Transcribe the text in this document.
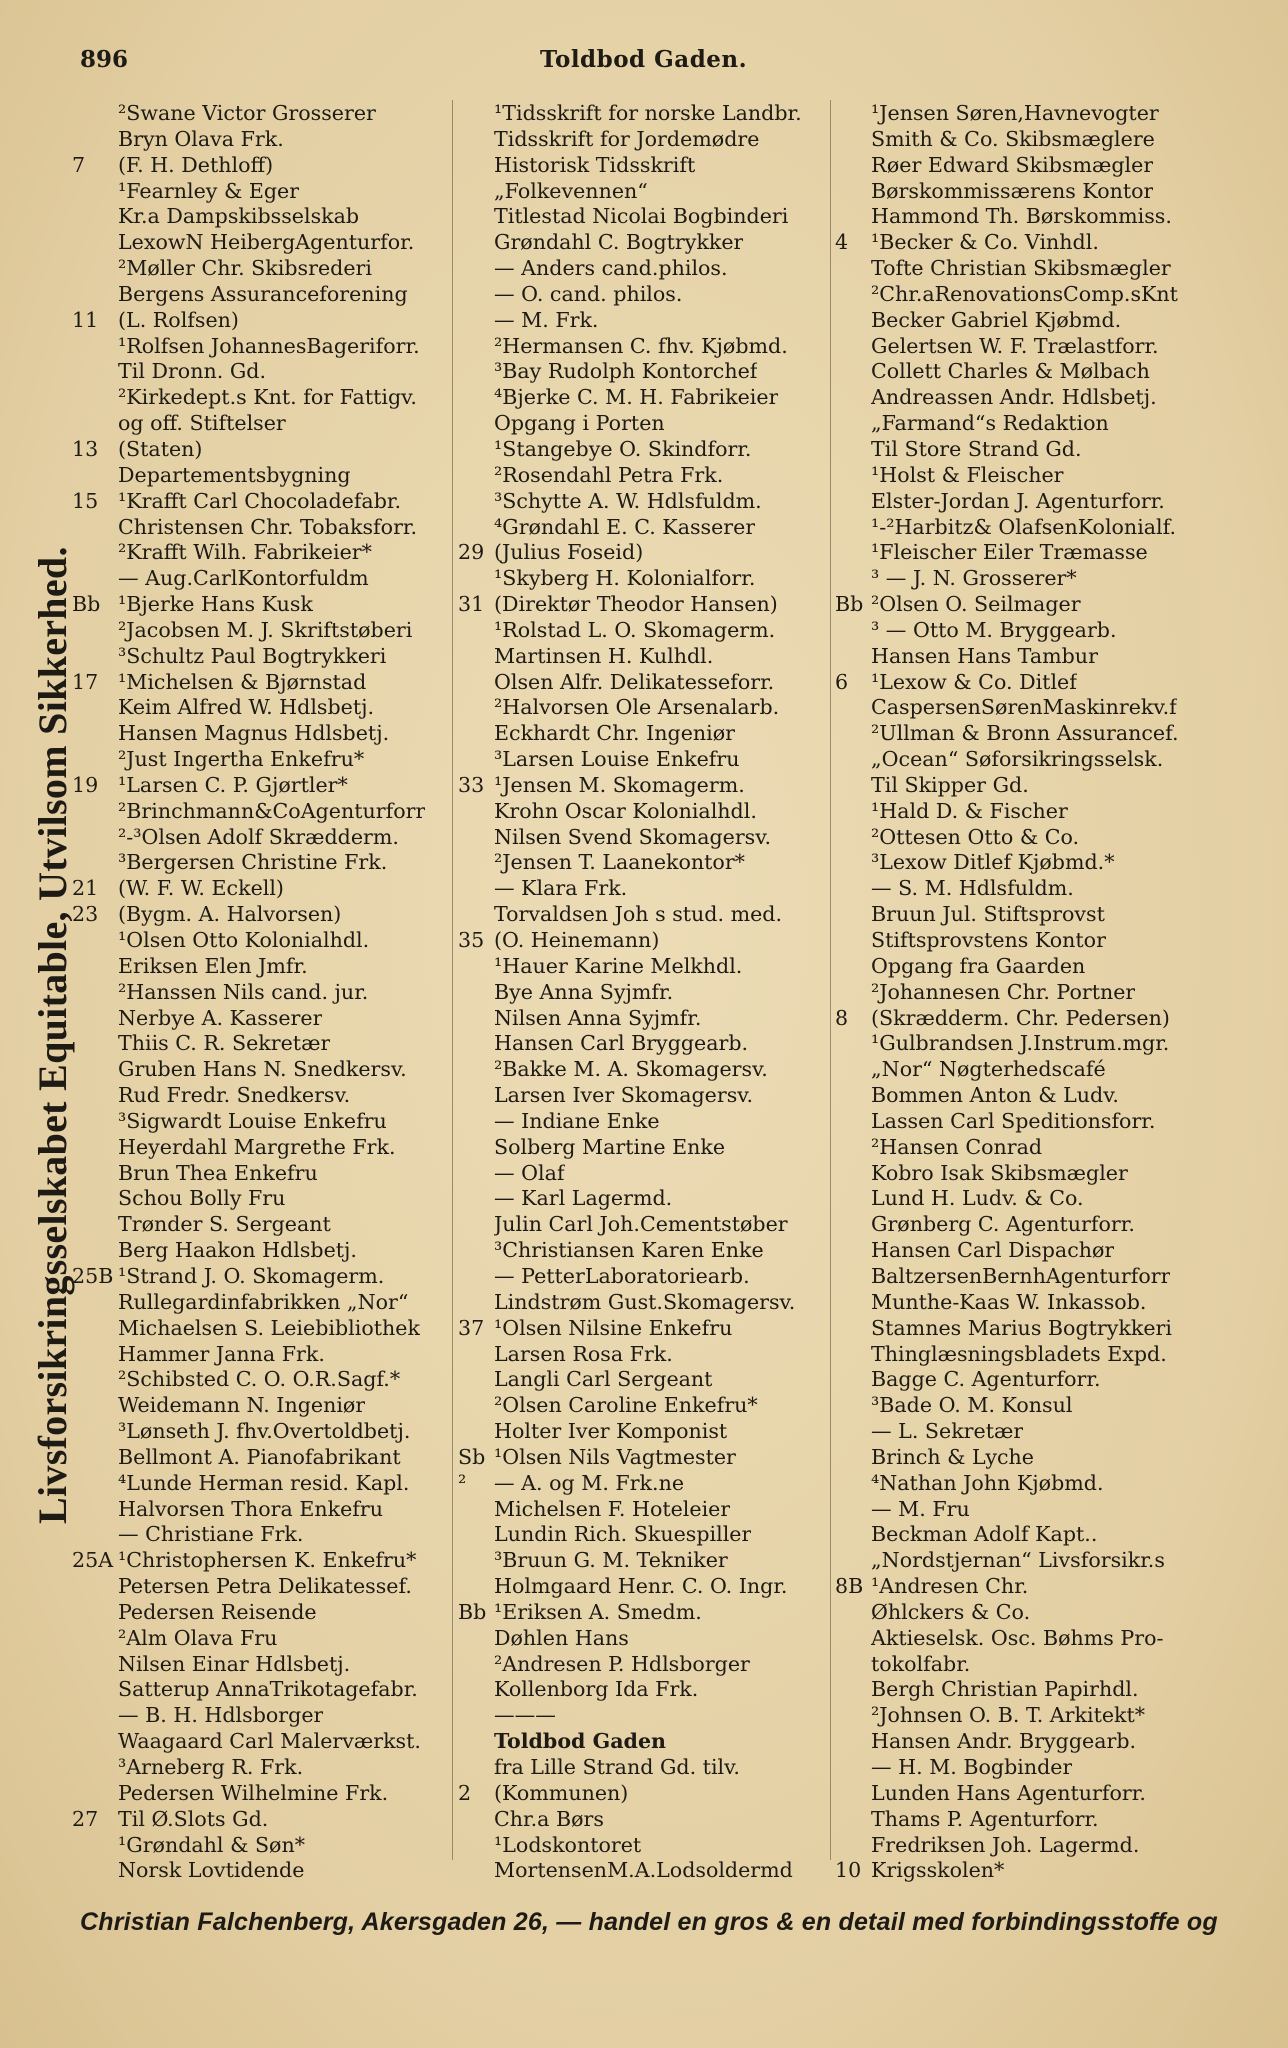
896	Toldbod Gaden.
Livsforsikringsselskabet Equitable, Utvilsom Sikkerhed.
²Swane Victor Grosserer
Bryn Olava Frk.
7	(F. H. Dethloff)
¹Fearnley & Eger
Kr.a Dampskibsselskab
LexowN HeibergAgenturfor.
²Møller Chr. Skibsrederi
Bergens Assuranceforening
11 (L. Rolfsen)
¹Rolfsen JohannesBageriforr.
Til Dronn. Gd.
²Kirkedept.s Knt. for Fattigv.
og off. Stiftelser
13 (Staten)
Departementsbygning
15 ¹Krafft Carl Chocoladefabr.
Christensen Chr. Tobaksforr.
²Krafft Wilh. Fabrikeier*
— Aug.CarlKontorfuldm
Bb ¹Bjerke Hans Kusk
²Jacobsen M. J. Skriftstøberi
³Schultz Paul Bogtrykkeri
17 ¹Michelsen & Bjørnstad
Keim Alfred W. Hdlsbetj.
Hansen Magnus Hdlsbetj.
²Just Ingertha Enkefru*
19 ¹Larsen C. P. Gjørtler*
²Brinchmann&CoAgenturforr
²-³Olsen Adolf Skrædderm.
³Bergersen Christine Frk.
21 (W. F. W. Eckell)
23 (Bygm. A. Halvorsen)
¹Olsen Otto Kolonialhdl.
Eriksen Elen Jmfr.
²Hanssen Nils cand. jur.
Nerbye A. Kasserer
Thiis C. R. Sekretær
Gruben Hans N. Snedkersv.
Rud Fredr. Snedkersv.
³Sigwardt Louise Enkefru
Heyerdahl Margrethe Frk.
Brun Thea Enkefru
Schou Bolly Fru
Trønder S. Sergeant
Berg Haakon Hdlsbetj.
25B ¹Strand J. O. Skomagerm.
Rullegardinfabrikken „Nor“
Michaelsen S. Leiebibliothek
Hammer Janna Frk.
²Schibsted C. O. O.R.Sagf.*
Weidemann N. Ingeniør
³Lønseth J. fhv.Overtoldbetj.
Bellmont A. Pianofabrikant
⁴Lunde Herman resid. Kapl.
Halvorsen Thora Enkefru
— Christiane Frk.
25A ¹Christophersen K. Enkefru*
Petersen Petra Delikatessef.
Pedersen Reisende
²Alm Olava Fru
Nilsen Einar Hdlsbetj.
Satterup AnnaTrikotagefabr.
— B. H. Hdlsborger
Waagaard Carl Malerværkst.
³Arneberg R. Frk.
Pedersen Wilhelmine Frk.
27 Til Ø.Slots Gd.
¹Grøndahl & Søn*
Norsk Lovtidende
¹Tidsskrift for norske Landbr.
Tidsskrift for Jordemødre
Historisk Tidsskrift
„Folkevennen“
Titlestad Nicolai Bogbinderi
Grøndahl C. Bogtrykker
— Anders cand.philos.
— O. cand. philos.
— M. Frk.
²Hermansen C. fhv. Kjøbmd.
³Bay Rudolph Kontorchef
⁴Bjerke C. M. H. Fabrikeier
Opgang i Porten
¹Stangebye O. Skindforr.
²Rosendahl Petra Frk.
³Schytte A. W. Hdlsfuldm.
⁴Grøndahl E. C. Kasserer
29 (Julius Foseid)
¹Skyberg H. Kolonialforr.
31 (Direktør Theodor Hansen)
¹Rolstad L. O. Skomagerm.
Martinsen H. Kulhdl.
Olsen Alfr. Delikatesseforr.
²Halvorsen Ole Arsenalarb.
Eckhardt Chr. Ingeniør
³Larsen Louise Enkefru
33 ¹Jensen M. Skomagerm.
Krohn Oscar Kolonialhdl.
Nilsen Svend Skomagersv.
²Jensen T. Laanekontor*
— Klara Frk.
Torvaldsen Joh s stud. med.
35 (O. Heinemann)
¹Hauer Karine Melkhdl.
Bye Anna Syjmfr.
Nilsen Anna Syjmfr.
Hansen Carl Bryggearb.
²Bakke M. A. Skomagersv.
Larsen Iver Skomagersv.
— Indiane Enke
Solberg Martine Enke
— Olaf
— Karl Lagermd.
Julin Carl Joh.Cementstøber
³Christiansen Karen Enke
— PetterLaboratoriearb.
Lindstrøm Gust.Skomagersv.
37 ¹Olsen Nilsine Enkefru
Larsen Rosa Frk.
Langli Carl Sergeant
²Olsen Caroline Enkefru*
Holter Iver Komponist
Sb ¹Olsen Nils Vagtmester
²	— A. og M. Frk.ne
Michelsen F. Hoteleier
Lundin Rich. Skuespiller
³Bruun G. M. Tekniker
Holmgaard Henr. C. O. Ingr.
Bb ¹Eriksen A. Smedm.
Døhlen Hans
²Andresen P. Hdlsborger
Kollenborg Ida Frk.
———
Toldbod Gaden
fra Lille Strand Gd. tilv.
2	(Kommunen)
Chr.a Børs
¹Lodskontoret
MortensenM.A.Lodsoldermd
¹Jensen Søren,Havnevogter
Smith & Co. Skibsmæglere
Røer Edward Skibsmægler
Børskommissærens Kontor
Hammond Th. Børskommiss.
4	¹Becker & Co. Vinhdl.
Tofte Christian Skibsmægler
²Chr.aRenovationsComp.sKnt
Becker Gabriel Kjøbmd.
Gelertsen W. F. Trælastforr.
Collett Charles & Mølbach
Andreassen Andr. Hdlsbetj.
„Farmand“s Redaktion
Til Store Strand Gd.
¹Holst & Fleischer
Elster-Jordan J. Agenturforr.
¹-²Harbitz& OlafsenKolonialf.
¹Fleischer Eiler Træmasse
³ — J. N. Grosserer*
Bb ²Olsen O. Seilmager
³ — Otto M. Bryggearb.
Hansen Hans Tambur
6	¹Lexow & Co. Ditlef
CaspersenSørenMaskinrekv.f
²Ullman & Bronn Assurancef.
„Ocean“ Søforsikringsselsk.
Til Skipper Gd.
¹Hald D. & Fischer
²Ottesen Otto & Co.
³Lexow Ditlef Kjøbmd.*
— S. M. Hdlsfuldm.
Bruun Jul. Stiftsprovst
Stiftsprovstens Kontor
Opgang fra Gaarden
²Johannesen Chr. Portner
8	(Skrædderm. Chr. Pedersen)
¹Gulbrandsen J.Instrum.mgr.
„Nor“ Nøgterhedscafé
Bommen Anton & Ludv.
Lassen Carl Speditionsforr.
²Hansen Conrad
Kobro Isak Skibsmægler
Lund H. Ludv. & Co.
Grønberg C. Agenturforr.
Hansen Carl Dispachør
BaltzersenBernhAgenturforr
Munthe-Kaas W. Inkassob.
Stamnes Marius Bogtrykkeri
Thinglæsningsbladets Expd.
Bagge C. Agenturforr.
³Bade O. M. Konsul
— L. Sekretær
Brinch & Lyche
⁴Nathan John Kjøbmd.
— M. Fru
Beckman Adolf Kapt..
„Nordstjernan“ Livsforsikr.s
8B ¹Andresen Chr.
Øhlckers & Co.
Aktieselsk. Osc. Bøhms Pro-
tokolfabr.
Bergh Christian Papirhdl.
²Johnsen O. B. T. Arkitekt*
Hansen Andr. Bryggearb.
— H. M. Bogbinder
Lunden Hans Agenturforr.
Thams P. Agenturforr.
Fredriksen Joh. Lagermd.
10 Krigsskolen*
Christian Falchenberg, Akersgaden 26, — handel en gros & en detail med forbindingsstoffe og
